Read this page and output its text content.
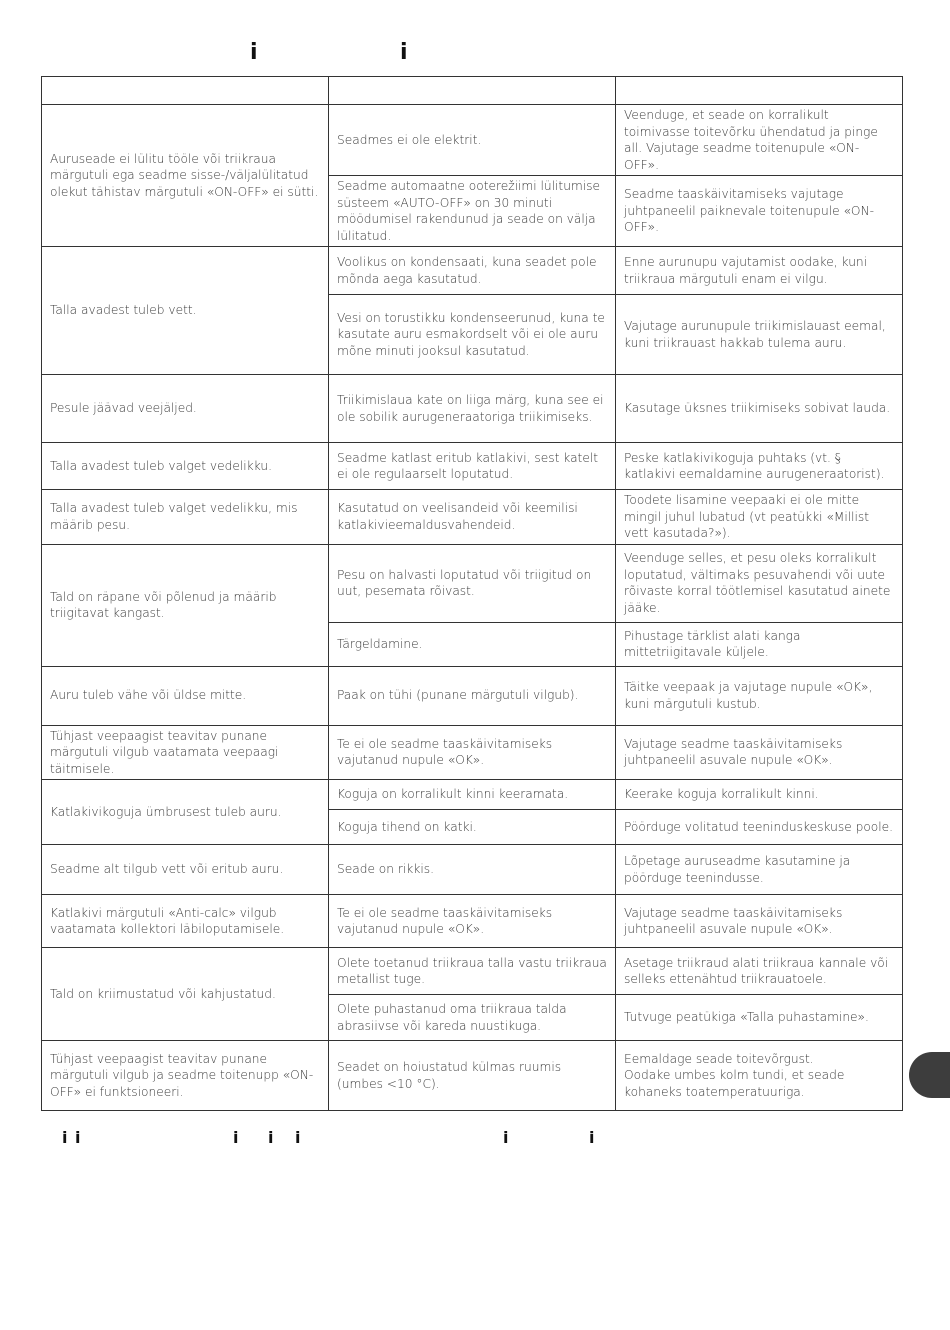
i	i

Auruseade ei lülitu tööle või triikraua märgutuli ega seadme sisse-/väljalülitatud olekut tähistav märgutuli «ON-OFF» ei sütti.	Seadmes ei ole elektrit.	Veenduge, et seade on korralikult toimivasse toitevõrku ühendatud ja pinge all. Vajutage seadme toitenupule «ON-OFF».
	Seadme automaatne ooterežiimi lülitumise süsteem «AUTO-OFF» on 30 minuti möödumisel rakendunud ja seade on välja lülitatud.	Seadme taaskäivitamiseks vajutage juhtpaneelil paiknevale toitenupule «ON-OFF».
Talla avadest tuleb vett.	Voolikus on kondensaati, kuna seadet pole mõnda aega kasutatud.	Enne aurunupu vajutamist oodake, kuni triikraua märgutuli enam ei vilgu.
	Vesi on torustikku kondenseerunud, kuna te kasutate auru esmakordselt või ei ole auru mõne minuti jooksul kasutatud.	Vajutage aurunupule triikimislauast eemal, kuni triikrauast hakkab tulema auru.
Pesule jäävad veejäljed.	Triikimislaua kate on liiga märg, kuna see ei ole sobilik aurugeneraatoriga triikimiseks.	Kasutage üksnes triikimiseks sobivat lauda.
Talla avadest tuleb valget vedelikku.	Seadme katlast eritub katlakivi, sest katelt ei ole regulaarselt loputatud.	Peske katlakivikoguja puhtaks (vt. § katlakivi eemaldamine aurugeneraatorist).
Talla avadest tuleb valget vedelikku, mis määrib pesu.	Kasutatud on veelisandeid või keemilisi katlakivieemaldusvahendeid.	Toodete lisamine veepaaki ei ole mitte mingil juhul lubatud (vt peatükki «Millist vett kasutada?»).
Tald on räpane või põlenud ja määrib triigitavat kangast.	Pesu on halvasti loputatud või triigitud on uut, pesemata rõivast.	Veenduge selles, et pesu oleks korralikult loputatud, vältimaks pesuvahendi või uute rõivaste korral töötlemisel kasutatud ainete jääke.
	Tärgeldamine.	Pihustage tärklist alati kanga mittetriigitavale küljele.
Auru tuleb vähe või üldse mitte.	Paak on tühi (punane märgutuli vilgub).	Täitke veepaak ja vajutage nupule «OK», kuni märgutuli kustub.
Tühjast veepaagist teavitav punane märgutuli vilgub vaatamata veepaagi täitmisele.	Te ei ole seadme taaskäivitamiseks vajutanud nupule «OK».	Vajutage seadme taaskäivitamiseks juhtpaneelil asuvale nupule «OK».
Katlakivikoguja ümbrusest tuleb auru.	Koguja on korralikult kinni keeramata.	Keerake koguja korralikult kinni.
	Koguja tihend on katki.	Pöörduge volitatud teeninduskeskuse poole.
Seadme alt tilgub vett või eritub auru.	Seade on rikkis.	Lõpetage auruseadme kasutamine ja pöörduge teenindusse.
Katlakivi märgutuli «Anti-calc» vilgub vaatamata kollektori läbiloputamisele.	Te ei ole seadme taaskäivitamiseks vajutanud nupule «OK».	Vajutage seadme taaskäivitamiseks juhtpaneelil asuvale nupule «OK».
Tald on kriimustatud või kahjustatud.	Olete toetanud triikraua talla vastu triikraua metallist tuge.	Asetage triikraud alati triikraua kannale või selleks ettenähtud triikrauatoele.
	Olete puhastanud oma triikraua talda abrasiivse või kareda nuustikuga.	Tutvuge peatükiga «Talla puhastamine».
Tühjast veepaagist teavitav punane märgutuli vilgub ja seadme toitenupp «ON-OFF» ei funktsioneeri.	Seadet on hoiustatud külmas ruumis (umbes <10 °C).	Eemaldage seade toitevõrgust.
Oodake umbes kolm tundi, et seade kohaneks toatemperatuuriga.
i i	i i i	i	i
